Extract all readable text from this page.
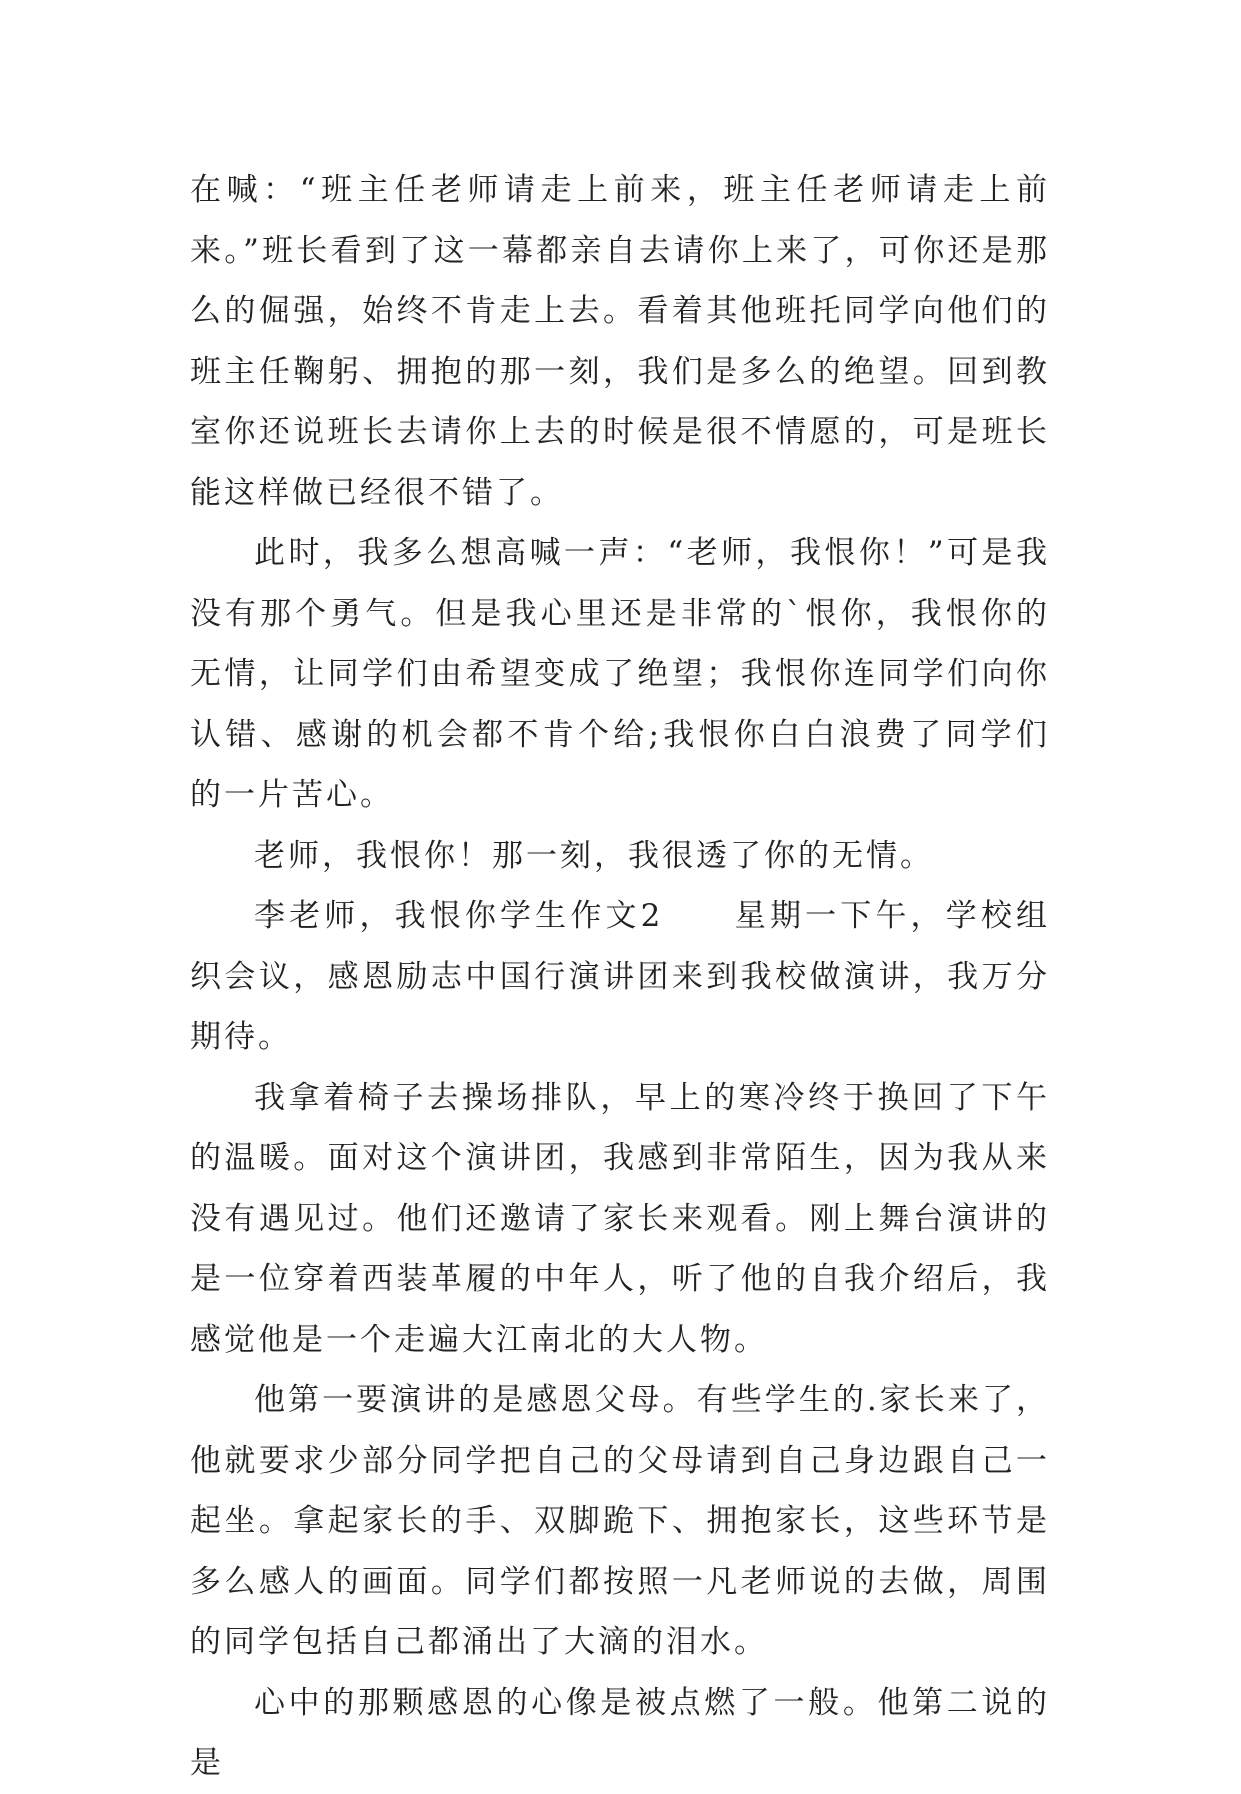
在喊：“班主任老师请走上前来，班主任老师请走上前来。”班长看到了这一幕都亲自去请你上来了，可你还是那么的倔强，始终不肯走上去。看着其他班托同学向他们的班主任鞠躬、拥抱的那一刻，我们是多么的绝望。回到教室你还说班长去请你上去的时候是很不情愿的，可是班长能这样做已经很不错了。

此时，我多么想高喊一声：“老师，我恨你！”可是我没有那个勇气。但是我心里还是非常的`恨你，我恨你的无情，让同学们由希望变成了绝望；我恨你连同学们向你认错、感谢的机会都不肯个给;我恨你白白浪费了同学们的一片苦心。

老师，我恨你！那一刻，我很透了你的无情。

李老师，我恨你学生作文2　　星期一下午，学校组织会议，感恩励志中国行演讲团来到我校做演讲，我万分期待。

我拿着椅子去操场排队，早上的寒冷终于换回了下午的温暖。面对这个演讲团，我感到非常陌生，因为我从来没有遇见过。他们还邀请了家长来观看。刚上舞台演讲的是一位穿着西装革履的中年人，听了他的自我介绍后，我感觉他是一个走遍大江南北的大人物。

他第一要演讲的是感恩父母。有些学生的.家长来了，他就要求少部分同学把自己的父母请到自己身边跟自己一起坐。拿起家长的手、双脚跪下、拥抱家长，这些环节是多么感人的画面。同学们都按照一凡老师说的去做，周围的同学包括自己都涌出了大滴的泪水。

心中的那颗感恩的心像是被点燃了一般。他第二说的是
